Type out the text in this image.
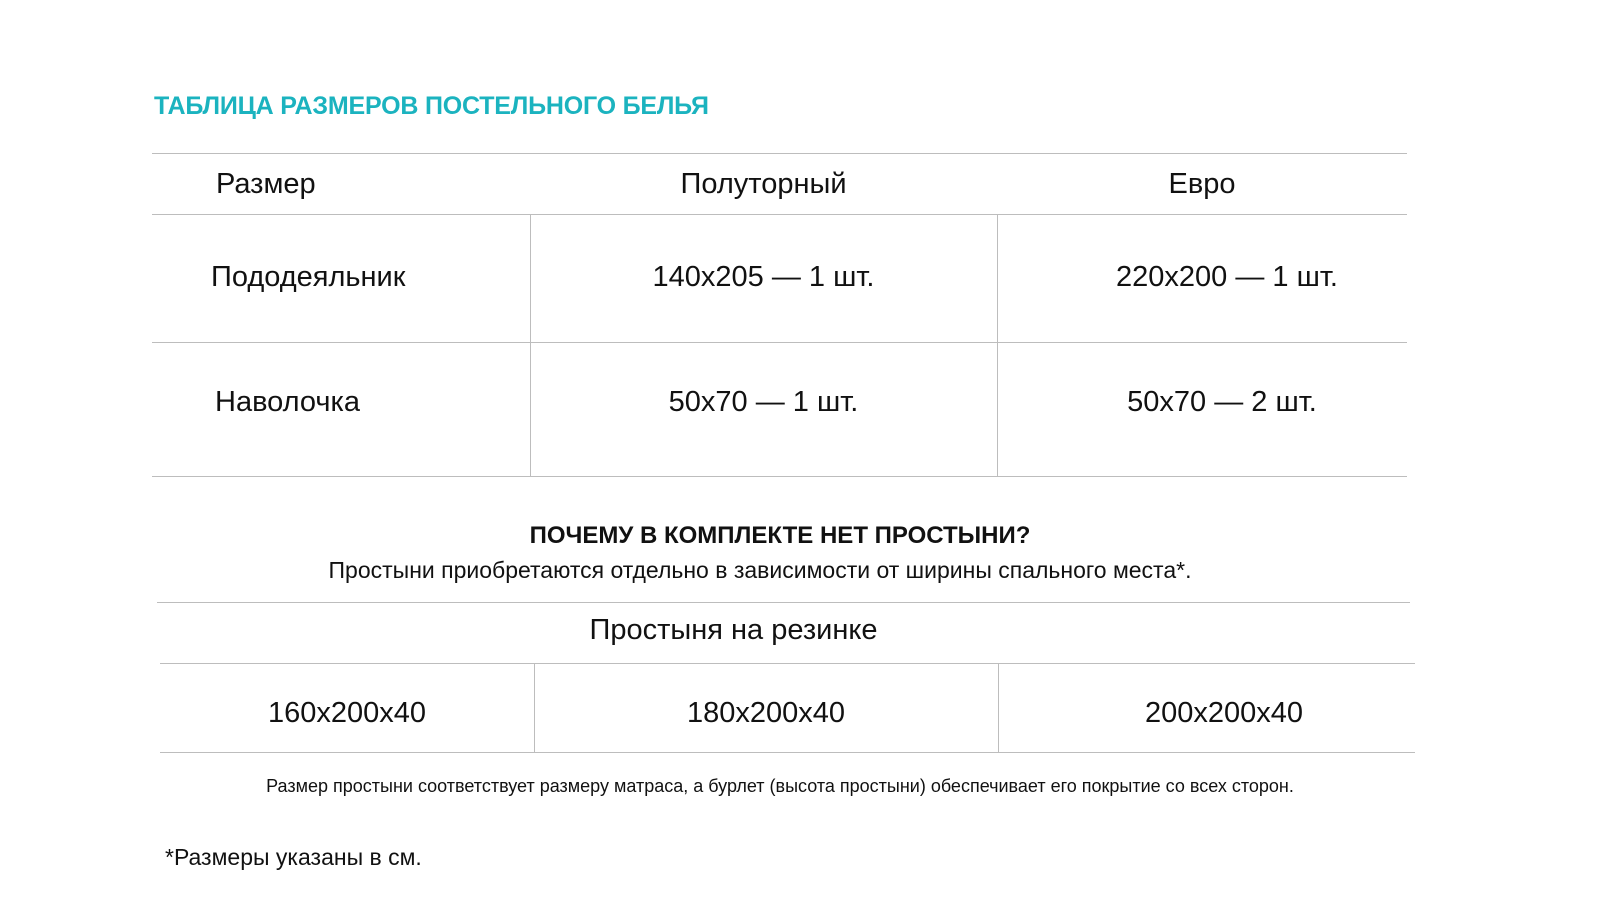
ТАБЛИЦА РАЗМЕРОВ ПОСТЕЛЬНОГО БЕЛЬЯ
Размер	Полуторный	Евро
Пододеяльник	140х205 — 1 шт.	220х200 — 1 шт.
Наволочка	50х70 — 1 шт.	50х70 — 2 шт.
ПОЧЕМУ В КОМПЛЕКТЕ НЕТ ПРОСТЫНИ?
Простыни приобретаются отдельно в зависимости от ширины спального места*.
Простыня на резинке
160х200х40	180х200х40	200х200х40
Размер простыни соответствует размеру матраса, а бурлет (высота простыни) обеспечивает его покрытие со всех сторон.
*Размеры указаны в см.
